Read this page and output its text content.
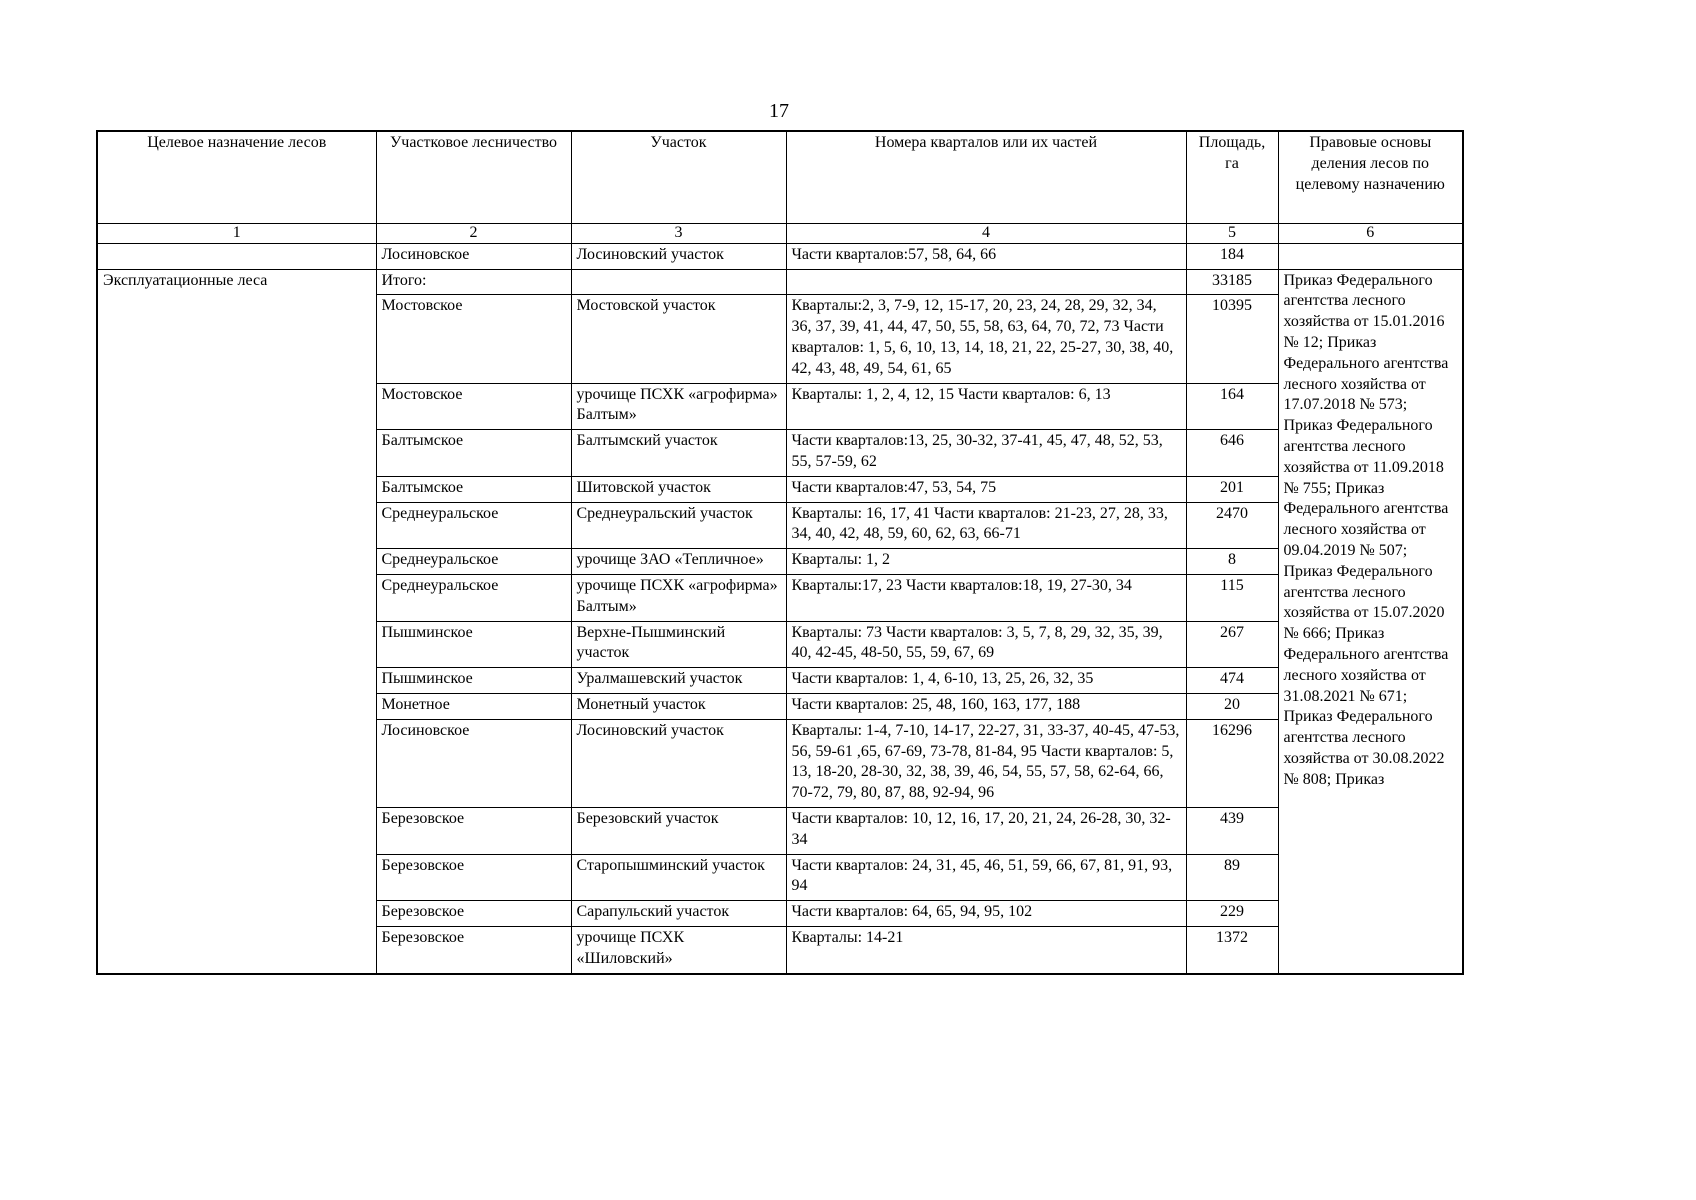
17
Целевое назначение лесов	Участковое лесничество	Участок	Номера кварталов или их частей	Площадь, га	Правовые основы деления лесов по целевому назначению
1	2	3	4	5	6
	Лосиновское	Лосиновский участок	Части кварталов:57, 58, 64, 66	184	
Эксплуатационные леса	Итого:			33185	Приказ Федерального агентства лесного хозяйства от 15.01.2016 № 12; Приказ Федерального агентства лесного хозяйства от 17.07.2018 № 573; Приказ Федерального агентства лесного хозяйства от 11.09.2018 № 755; Приказ Федерального агентства лесного хозяйства от 09.04.2019 № 507; Приказ Федерального агентства лесного хозяйства от 15.07.2020 № 666; Приказ Федерального агентства лесного хозяйства от 31.08.2021 № 671; Приказ Федерального агентства лесного хозяйства от 30.08.2022 № 808; Приказ
	Мостовское	Мостовской участок	Кварталы:2, 3, 7-9, 12, 15-17, 20, 23, 24, 28, 29, 32, 34, 36, 37, 39, 41, 44, 47, 50, 55, 58, 63, 64, 70, 72, 73 Части кварталов: 1, 5, 6, 10, 13, 14, 18, 21, 22, 25-27, 30, 38, 40, 42, 43, 48, 49, 54, 61, 65	10395	
	Мостовское	урочище ПСХК «агрофирма» Балтым»	Кварталы: 1, 2, 4, 12, 15 Части кварталов: 6, 13	164	
	Балтымское	Балтымский участок	Части кварталов:13, 25, 30-32, 37-41, 45, 47, 48, 52, 53, 55, 57-59, 62	646	
	Балтымское	Шитовской участок	Части кварталов:47, 53, 54, 75	201	
	Среднеуральское	Среднеуральский участок	Кварталы: 16, 17, 41 Части кварталов: 21-23, 27, 28, 33, 34, 40, 42, 48, 59, 60, 62, 63, 66-71	2470	
	Среднеуральское	урочище ЗАО «Тепличное»	Кварталы: 1, 2	8	
	Среднеуральское	урочище ПСХК «агрофирма» Балтым»	Кварталы:17, 23 Части кварталов:18, 19, 27-30, 34	115	
	Пышминское	Верхне-Пышминский участок	Кварталы: 73 Части кварталов: 3, 5, 7, 8, 29, 32, 35, 39, 40, 42-45, 48-50, 55, 59, 67, 69	267	
	Пышминское	Уралмашевский участок	Части кварталов: 1, 4, 6-10, 13, 25, 26, 32, 35	474	
	Монетное	Монетный участок	Части кварталов: 25, 48, 160, 163, 177, 188	20	
	Лосиновское	Лосиновский участок	Кварталы: 1-4, 7-10, 14-17, 22-27, 31, 33-37, 40-45, 47-53, 56, 59-61 ,65, 67-69, 73-78, 81-84, 95 Части кварталов: 5, 13, 18-20, 28-30, 32, 38, 39, 46, 54, 55, 57, 58, 62-64, 66, 70-72, 79, 80, 87, 88, 92-94, 96	16296	
	Березовское	Березовский участок	Части кварталов: 10, 12, 16, 17, 20, 21, 24, 26-28, 30, 32-34	439	
	Березовское	Старопышминский участок	Части кварталов: 24, 31, 45, 46, 51, 59, 66, 67, 81, 91, 93, 94	89	
	Березовское	Сарапульский участок	Части кварталов: 64, 65, 94, 95, 102	229	
	Березовское	урочище ПСХК «Шиловский»	Кварталы: 14-21	1372	
